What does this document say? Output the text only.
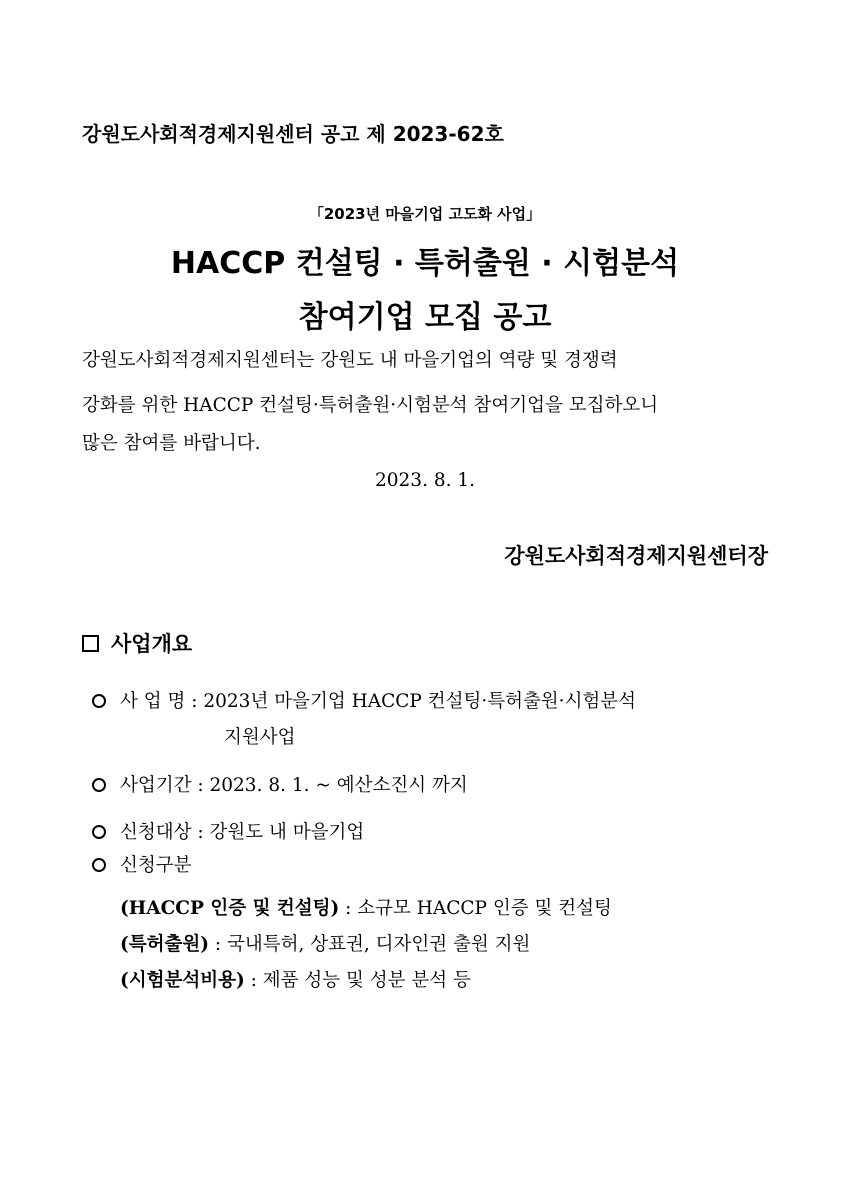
강원도사회적경제지원센터 공고 제 2023-62호
「2023년 마을기업 고도화 사업」
HACCP 컨설팅 · 특허출원 · 시험분석
참여기업 모집 공고
강원도사회적경제지원센터는 강원도 내 마을기업의 역량 및 경쟁력
강화를 위한 HACCP 컨설팅·특허출원·시험분석 참여기업을 모집하오니
많은 참여를 바랍니다.
2023. 8. 1.
강원도사회적경제지원센터장
사업개요
사 업 명 : 2023년 마을기업 HACCP 컨설팅·특허출원·시험분석
지원사업
사업기간 : 2023. 8. 1. ~ 예산소진시 까지
신청대상 : 강원도 내 마을기업
신청구분
(HACCP 인증 및 컨설팅) : 소규모 HACCP 인증 및 컨설팅
(특허출원) : 국내특허, 상표권, 디자인권 출원 지원
(시험분석비용) : 제품 성능 및 성분 분석 등
